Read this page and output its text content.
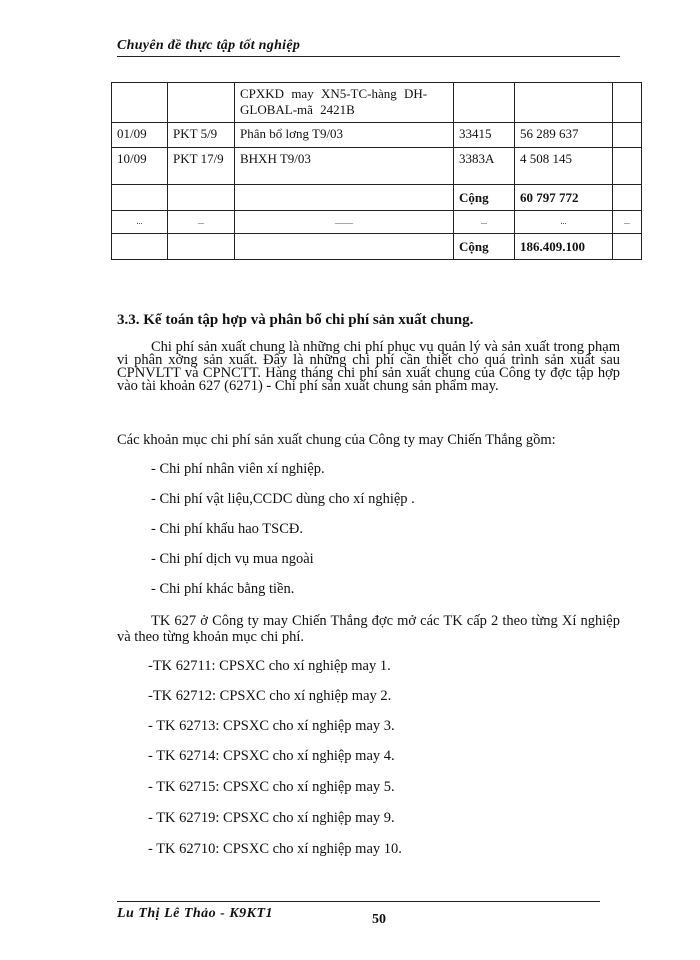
Chuyên đề thực tập tốt nghiệp
		CPXKD may XN5-TC-hàng DH-GLOBAL-mã 2421B			
01/09	PKT 5/9	Phân bổ lơng T9/03	33415	56 289 637	
10/09	PKT 17/9	BHXH T9/03	3383A	4 508 145	
			Cộng	60 797 772	
...	...	.........	...	...	...
			Cộng	186.409.100	
3.3. Kế toán tập hợp và phân bổ chi phí sản xuất chung.
Chi phí sản xuất chung là những chi phí phục vụ quản lý và sản xuất trong phạm vi phân xởng sản xuất. Đây là những chi phí cần thiết cho quá trình sản xuất sau CPNVLTT và CPNCTT. Hàng tháng chi phí sản xuất chung của Công ty đợc tập hợp vào tài khoản 627 (6271) - Chi phí sản xuất chung sản phẩm may.
Các khoản mục chi phí sản xuất chung của Công ty may Chiến Thắng gồm:
- Chi phí nhân viên xí nghiệp.
- Chi phí vật liệu,CCDC dùng cho xí nghiệp .
- Chi phí khấu hao TSCĐ.
- Chi phí dịch vụ mua ngoài
- Chi phí khác bằng tiền.
TK 627 ở Công ty may Chiến Thắng đợc mở các TK cấp 2 theo từng Xí nghiệp và theo từng khoản mục chi phí.
-TK 62711: CPSXC cho xí nghiệp may 1.
-TK 62712: CPSXC cho xí nghiệp may 2.
- TK 62713: CPSXC cho xí nghiệp may 3.
- TK 62714: CPSXC cho xí nghiệp may 4.
- TK 62715: CPSXC cho xí nghiệp may 5.
- TK 62719: CPSXC cho xí nghiệp may 9.
- TK 62710: CPSXC cho xí nghiệp may 10.
Lu Thị Lê Thảo - K9KT1	50
